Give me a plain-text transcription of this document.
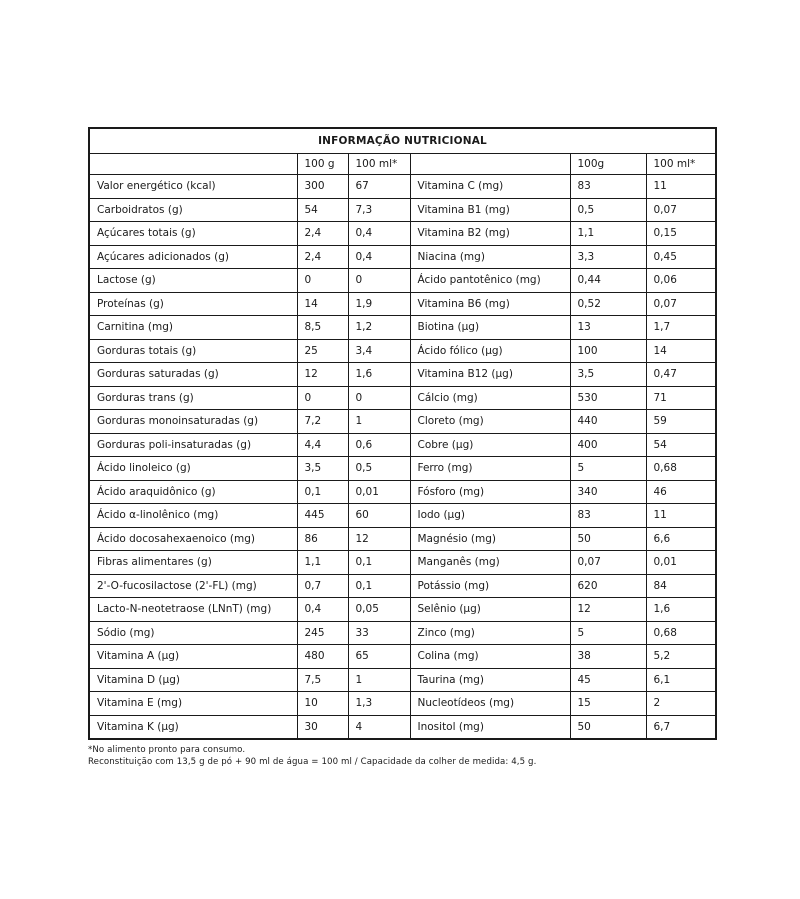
INFORMAÇÃO NUTRICIONAL					
	100 g	100 ml*		100g	100 ml*
Valor energético (kcal)	300	67	Vitamina C (mg)	83	11
Carboidratos (g)	54	7,3	Vitamina B1 (mg)	0,5	0,07
Açúcares totais (g)	2,4	0,4	Vitamina B2 (mg)	1,1	0,15
Açúcares adicionados (g)	2,4	0,4	Niacina (mg)	3,3	0,45
Lactose (g)	0	0	Ácido pantotênico (mg)	0,44	0,06
Proteínas (g)	14	1,9	Vitamina B6 (mg)	0,52	0,07
Carnitina (mg)	8,5	1,2	Biotina (µg)	13	1,7
Gorduras totais (g)	25	3,4	Ácido fólico (µg)	100	14
Gorduras saturadas (g)	12	1,6	Vitamina B12 (µg)	3,5	0,47
Gorduras trans (g)	0	0	Cálcio (mg)	530	71
Gorduras monoinsaturadas (g)	7,2	1	Cloreto (mg)	440	59
Gorduras poli-insaturadas (g)	4,4	0,6	Cobre (µg)	400	54
Ácido linoleico (g)	3,5	0,5	Ferro (mg)	5	0,68
Ácido araquidônico (g)	0,1	0,01	Fósforo (mg)	340	46
Ácido α-linolênico (mg)	445	60	Iodo (µg)	83	11
Ácido docosahexaenoico (mg)	86	12	Magnésio (mg)	50	6,6
Fibras alimentares (g)	1,1	0,1	Manganês (mg)	0,07	0,01
2'-O-fucosilactose (2'-FL) (mg)	0,7	0,1	Potássio (mg)	620	84
Lacto-N-neotetraose (LNnT) (mg)	0,4	0,05	Selênio (µg)	12	1,6
Sódio (mg)	245	33	Zinco (mg)	5	0,68
Vitamina A (µg)	480	65	Colina (mg)	38	5,2
Vitamina D (µg)	7,5	1	Taurina (mg)	45	6,1
Vitamina E (mg)	10	1,3	Nucleotídeos (mg)	15	2
Vitamina K (µg)	30	4	Inositol (mg)	50	6,7
*No alimento pronto para consumo.
Reconstituição com 13,5 g de pó + 90 ml de água = 100 ml / Capacidade da colher de medida: 4,5 g.
